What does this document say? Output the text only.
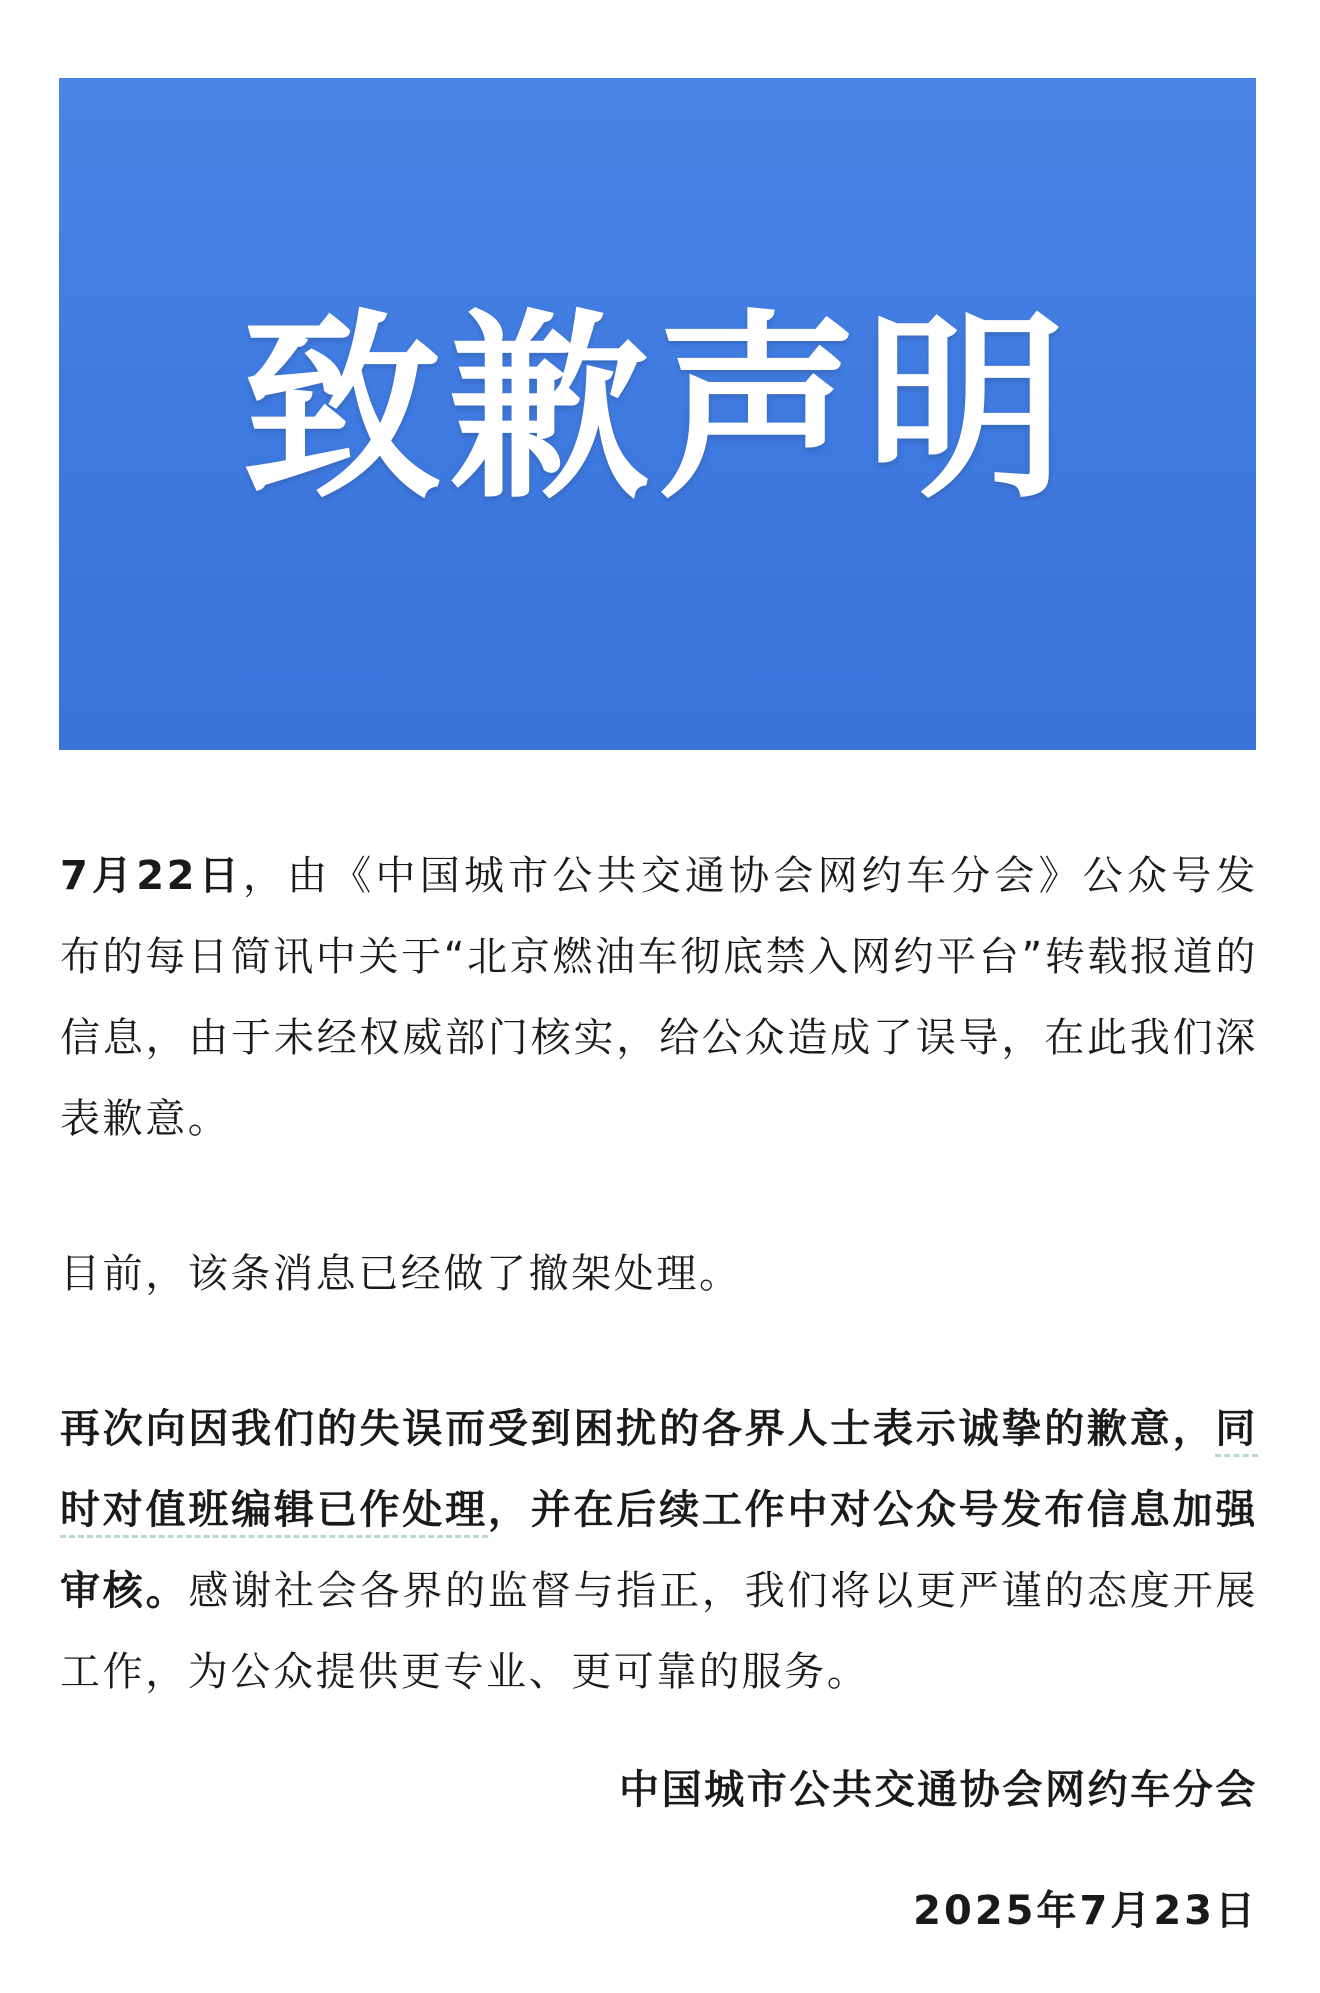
致歉声明

7月22日，由《中国城市公共交通协会网约车分会》公众号发布的每日简讯中关于“北京燃油车彻底禁入网约平台”转载报道的信息，由于未经权威部门核实，给公众造成了误导，在此我们深表歉意。

目前，该条消息已经做了撤架处理。

再次向因我们的失误而受到困扰的各界人士表示诚挚的歉意，同时对值班编辑已作处理，并在后续工作中对公众号发布信息加强审核。感谢社会各界的监督与指正，我们将以更严谨的态度开展工作，为公众提供更专业、更可靠的服务。

中国城市公共交通协会网约车分会
2025年7月23日
